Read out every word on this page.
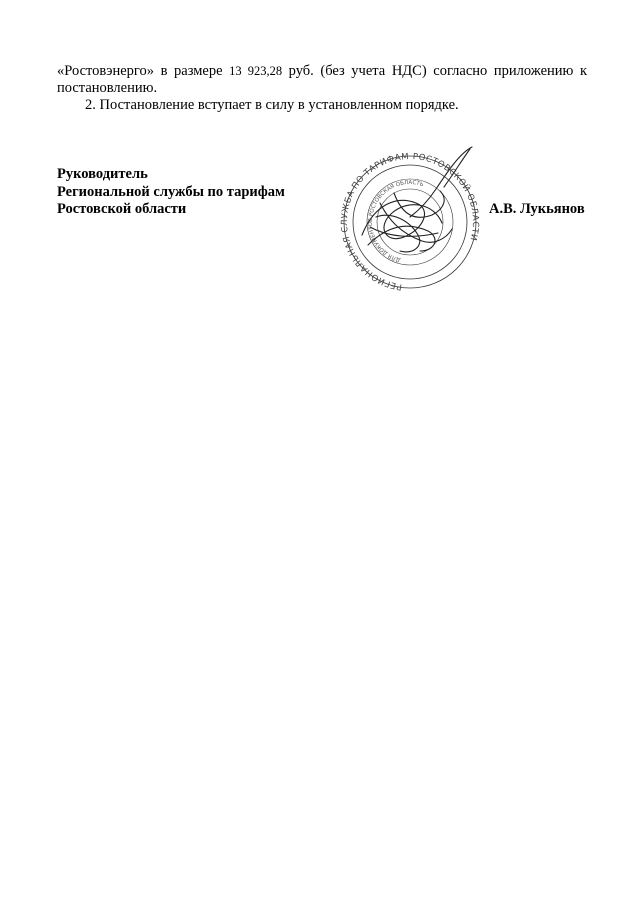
«Ростовэнерго» в размере 13 923,28 руб. (без учета НДС) согласно приложению к постановлению.
2. Постановление вступает в силу в установленном порядке.
Руководитель
Региональной службы по тарифам
Ростовской области
РЕГИОНАЛЬНАЯ СЛУЖБА ПО ТАРИФАМ РОСТОВСКОЙ ОБЛАСТИ
ДЛЯ ДОКУМЕНТОВ РОСТОВСКАЯ ОБЛАСТЬ
А.В. Лукьянов
